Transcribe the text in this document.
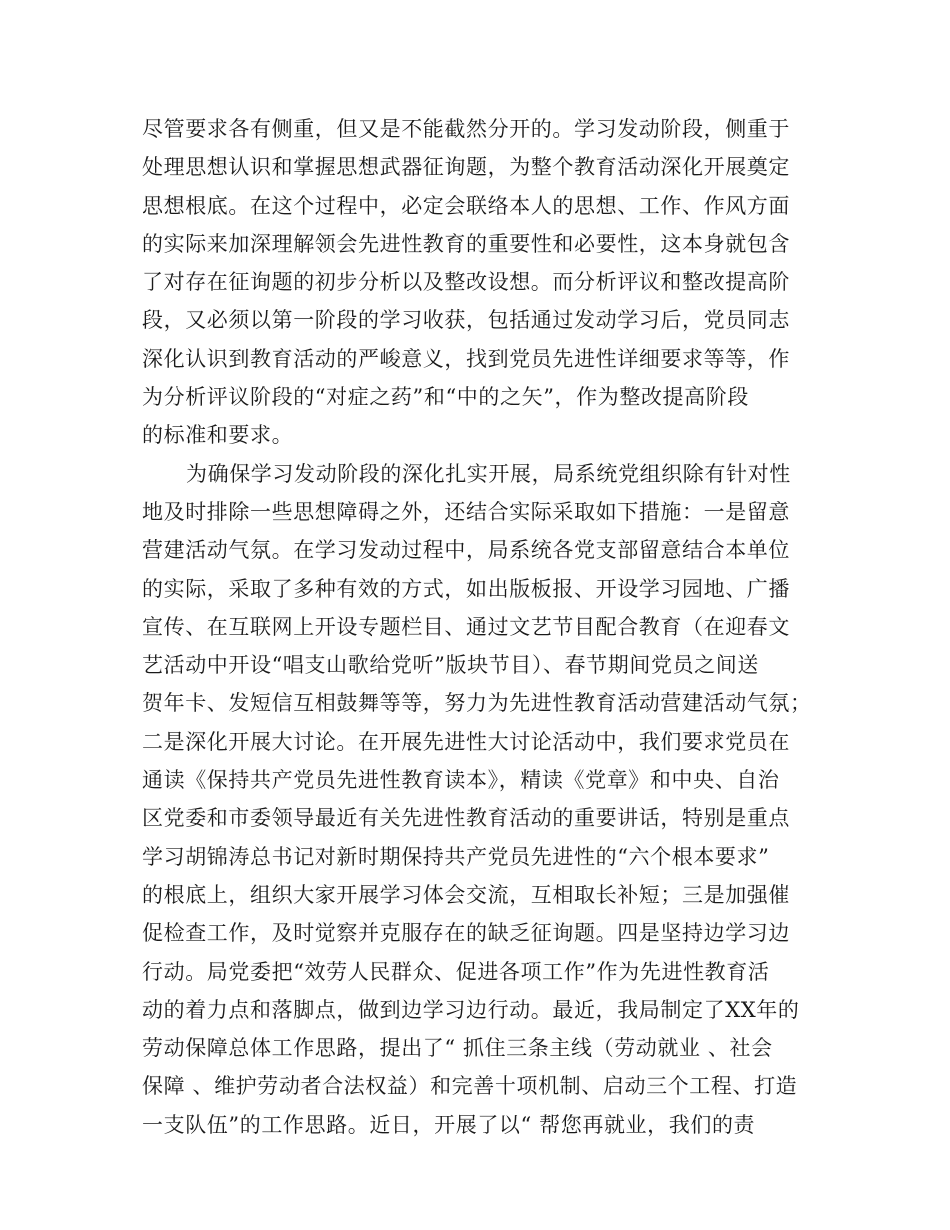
尽管要求各有侧重，但又是不能截然分开的。学习发动阶段，侧重于
处理思想认识和掌握思想武器征询题，为整个教育活动深化开展奠定
思想根底。在这个过程中，必定会联络本人的思想、工作、作风方面
的实际来加深理解领会先进性教育的重要性和必要性，这本身就包含
了对存在征询题的初步分析以及整改设想。而分析评议和整改提高阶
段，又必须以第一阶段的学习收获，包括通过发动学习后，党员同志
深化认识到教育活动的严峻意义，找到党员先进性详细要求等等，作
为分析评议阶段的“对症之药”和“中的之矢”，作为整改提高阶段
的标准和要求。
为确保学习发动阶段的深化扎实开展，局系统党组织除有针对性
地及时排除一些思想障碍之外，还结合实际采取如下措施：一是留意
营建活动气氛。在学习发动过程中，局系统各党支部留意结合本单位
的实际，采取了多种有效的方式，如出版板报、开设学习园地、广播
宣传、在互联网上开设专题栏目、通过文艺节目配合教育（在迎春文
艺活动中开设“唱支山歌给党听”版块节目）、春节期间党员之间送
贺年卡、发短信互相鼓舞等等，努力为先进性教育活动营建活动气氛；
二是深化开展大讨论。在开展先进性大讨论活动中，我们要求党员在
通读《保持共产党员先进性教育读本》，精读《党章》和中央、自治
区党委和市委领导最近有关先进性教育活动的重要讲话，特别是重点
学习胡锦涛总书记对新时期保持共产党员先进性的“六个根本要求”
的根底上，组织大家开展学习体会交流，互相取长补短；三是加强催
促检查工作，及时觉察并克服存在的缺乏征询题。四是坚持边学习边
行动。局党委把“效劳人民群众、促进各项工作”作为先进性教育活
动的着力点和落脚点，做到边学习边行动。最近，我局制定了XX年的
劳动保障总体工作思路，提出了“ 抓住三条主线（劳动就业 、社会
保障 、维护劳动者合法权益）和完善十项机制、启动三个工程、打造
一支队伍”的工作思路。近日，开展了以“ 帮您再就业，我们的责
